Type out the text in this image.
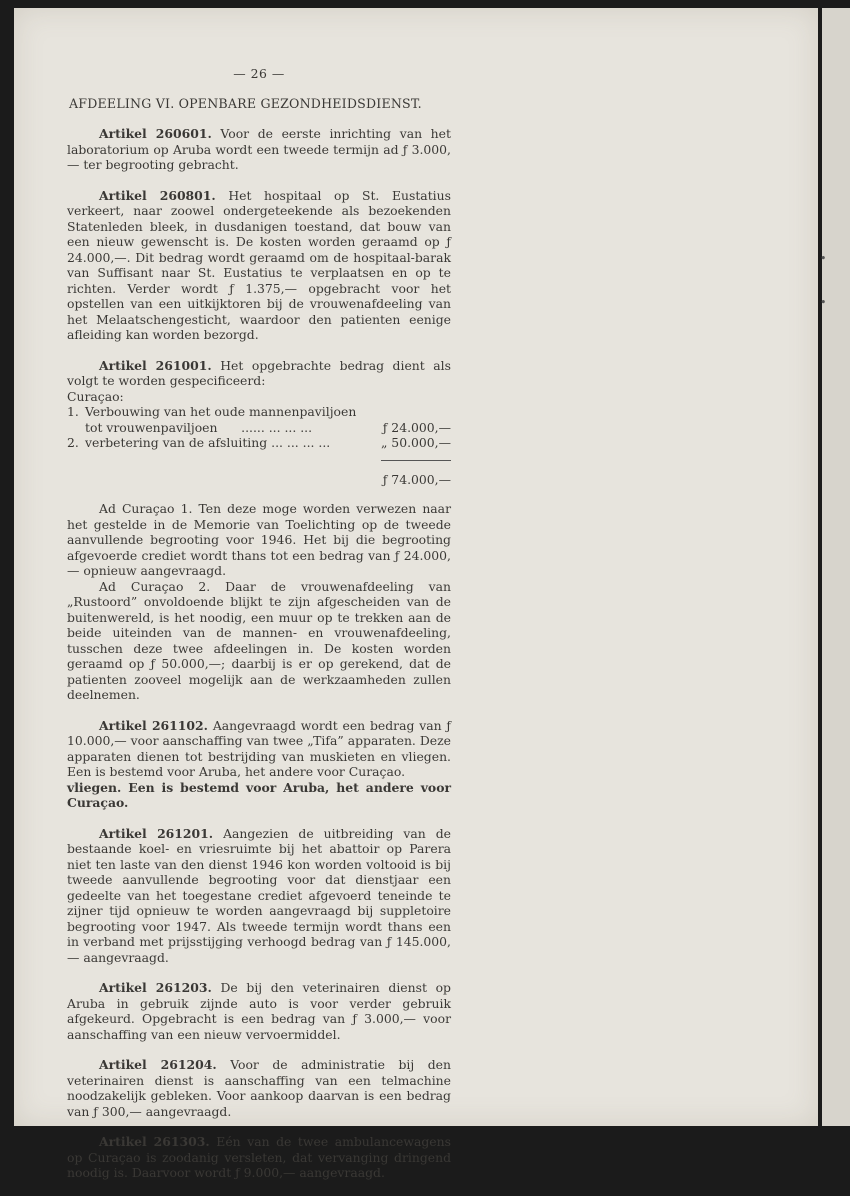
— 26 —

AFDEELING VI. OPENBARE GEZONDHEIDSDIENST.

Artikel 260601. Voor de eerste inrichting van het laboratorium op Aruba wordt een tweede termijn ad ƒ 3.000,— ter begrooting gebracht.

Artikel 260801. Het hospitaal op St. Eustatius verkeert, naar zoowel ondergeteekende als bezoekenden Statenleden bleek, in dusdanigen toestand, dat bouw van een nieuw gewenscht is. De kosten worden geraamd op ƒ 24.000,—. Dit bedrag wordt geraamd om de hospitaal-barak van Suffisant naar St. Eustatius te verplaatsen en op te richten. Verder wordt ƒ 1.375,— opgebracht voor het opstellen van een uitkijktoren bij de vrouwenafdeeling van het Melaatschengesticht, waardoor den patienten eenige afleiding kan worden bezorgd.

Artikel 261001. Het opgebrachte bedrag dient als volgt te worden gespecificeerd:

Curaçao:

1. Verbouwing van het oude mannenpaviljoen
tot vrouwenpaviljoen ...... ... ... ...	ƒ 24.000,—
2. verbetering van de afsluiting ... ... ... ...	„ 50.000,—
ƒ 74.000,—

Ad Curaçao 1. Ten deze moge worden verwezen naar het gestelde in de Memorie van Toelichting op de tweede aanvullende begrooting voor 1946. Het bij die begrooting afgevoerde crediet wordt thans tot een bedrag van ƒ 24.000,— opnieuw aangevraagd.

Ad Curaçao 2. Daar de vrouwenafdeeling van „Rustoord” onvoldoende blijkt te zijn afgescheiden van de buitenwereld, is het noodig, een muur op te trekken aan de beide uiteinden van de mannen- en vrouwenafdeeling, tusschen deze twee afdeelingen in. De kosten worden geraamd op ƒ 50.000,—; daarbij is er op gerekend, dat de patienten zooveel mogelijk aan de werkzaamheden zullen deelnemen.

Artikel 261102. Aangevraagd wordt een bedrag van ƒ 10.000,— voor aanschaffing van twee „Tifa” apparaten. Deze apparaten dienen tot bestrijding van muskieten en vliegen. Een is bestemd voor Aruba, het andere voor Curaçao.

vliegen. Een is bestemd voor Aruba, het andere voor Curaçao.

Artikel 261201. Aangezien de uitbreiding van de bestaande koel- en vriesruimte bij het abattoir op Parera niet ten laste van den dienst 1946 kon worden voltooid is bij tweede aanvullende begrooting voor dat dienstjaar een gedeelte van het toegestane crediet afgevoerd teneinde te zijner tijd opnieuw te worden aangevraagd bij suppletoire begrooting voor 1947. Als tweede termijn wordt thans een in verband met prijsstijging verhoogd bedrag van ƒ 145.000,— aangevraagd.

Artikel 261203. De bij den veterinairen dienst op Aruba in gebruik zijnde auto is voor verder gebruik afgekeurd. Opgebracht is een bedrag van ƒ 3.000,— voor aanschaffing van een nieuw vervoermiddel.

Artikel 261204. Voor de administratie bij den veterinairen dienst is aanschaffing van een telmachine noodzakelijk gebleken. Voor aankoop daarvan is een bedrag van ƒ 300,— aangevraagd.

Artikel 261303. Eén van de twee ambulancewagens op Curaçao is zoodanig versleten, dat vervanging dringend noodig is. Daarvoor wordt ƒ 9.000,— aangevraagd.

•
•
